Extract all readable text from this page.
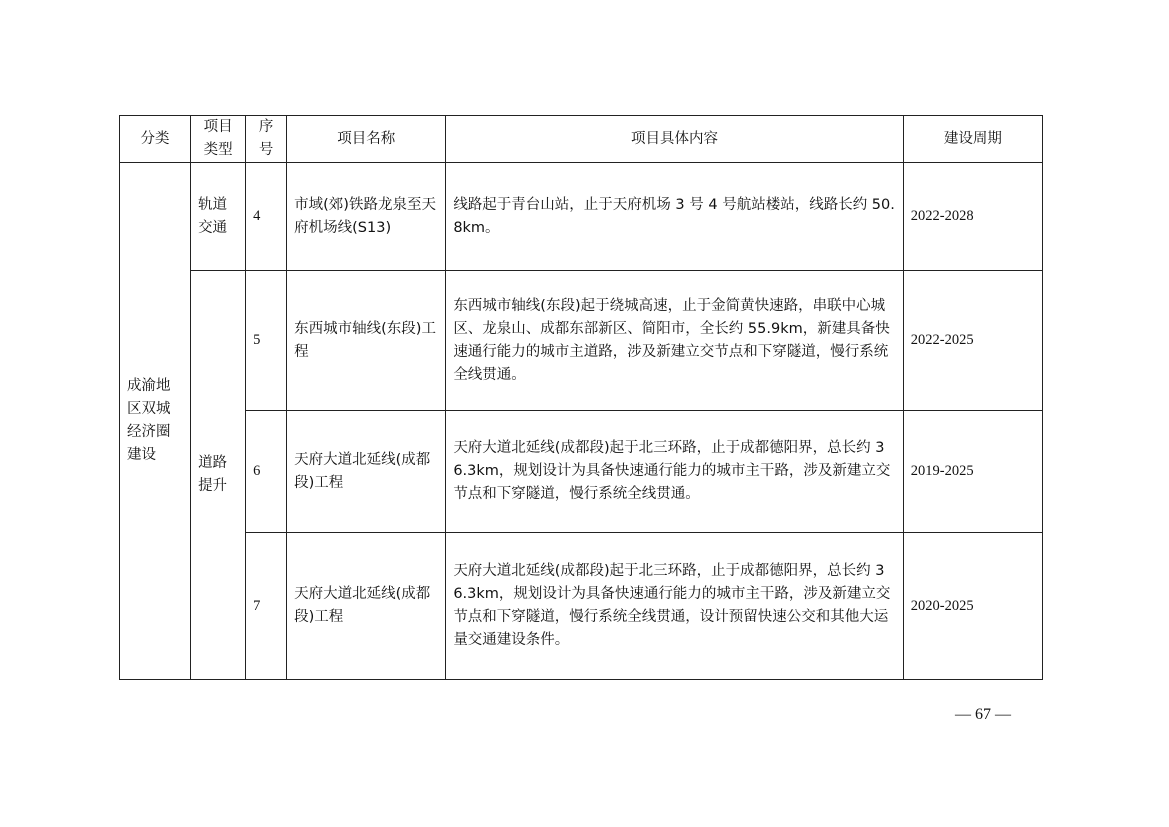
分类	项目类型	序号	项目名称	项目具体内容	建设周期
成渝地区双城经济圈建设	轨道交通	4	市域(郊)铁路龙泉至天府机场线(S13)	线路起于青台山站，止于天府机场 3 号 4 号航站楼站，线路长约 50.8km。	2022-2028
	道路提升	5	东西城市轴线(东段)工程	东西城市轴线(东段)起于绕城高速，止于金简黄快速路，串联中心城区、龙泉山、成都东部新区、简阳市，全长约 55.9km，新建具备快速通行能力的城市主道路，涉及新建立交节点和下穿隧道，慢行系统全线贯通。	2022-2025
		6	天府大道北延线(成都段)工程	天府大道北延线(成都段)起于北三环路，止于成都德阳界，总长约 36.3km，规划设计为具备快速通行能力的城市主干路，涉及新建立交节点和下穿隧道，慢行系统全线贯通。	2019-2025
		7	天府大道北延线(成都段)工程	天府大道北延线(成都段)起于北三环路，止于成都德阳界，总长约 36.3km，规划设计为具备快速通行能力的城市主干路，涉及新建立交节点和下穿隧道，慢行系统全线贯通，设计预留快速公交和其他大运量交通建设条件。	2020-2025
— 67 —
